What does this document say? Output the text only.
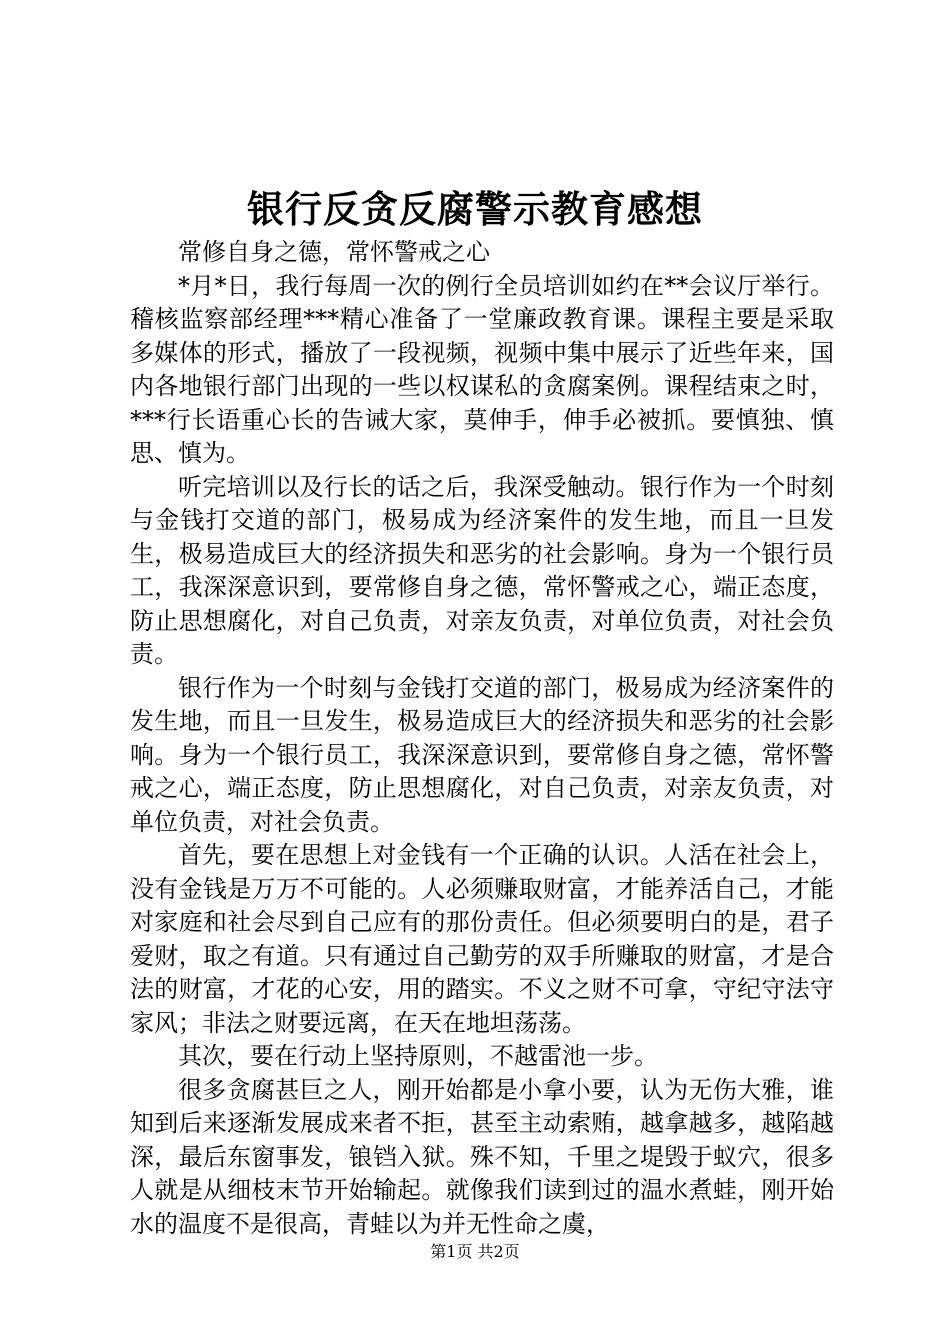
银行反贪反腐警示教育感想

常修自身之德，常怀警戒之心

*月*日，我行每周一次的例行全员培训如约在**会议厅举行。稽核监察部经理***精心准备了一堂廉政教育课。课程主要是采取多媒体的形式，播放了一段视频，视频中集中展示了近些年来，国内各地银行部门出现的一些以权谋私的贪腐案例。课程结束之时，***行长语重心长的告诫大家，莫伸手，伸手必被抓。要慎独、慎思、慎为。

听完培训以及行长的话之后，我深受触动。银行作为一个时刻与金钱打交道的部门，极易成为经济案件的发生地，而且一旦发生，极易造成巨大的经济损失和恶劣的社会影响。身为一个银行员工，我深深意识到，要常修自身之德，常怀警戒之心，端正态度，防止思想腐化，对自己负责，对亲友负责，对单位负责，对社会负责。

银行作为一个时刻与金钱打交道的部门，极易成为经济案件的发生地，而且一旦发生，极易造成巨大的经济损失和恶劣的社会影响。身为一个银行员工，我深深意识到，要常修自身之德，常怀警戒之心，端正态度，防止思想腐化，对自己负责，对亲友负责，对单位负责，对社会负责。

首先，要在思想上对金钱有一个正确的认识。人活在社会上，没有金钱是万万不可能的。人必须赚取财富，才能养活自己，才能对家庭和社会尽到自己应有的那份责任。但必须要明白的是，君子爱财，取之有道。只有通过自己勤劳的双手所赚取的财富，才是合法的财富，才花的心安，用的踏实。不义之财不可拿，守纪守法守家风；非法之财要远离，在天在地坦荡荡。

其次，要在行动上坚持原则，不越雷池一步。

很多贪腐甚巨之人，刚开始都是小拿小要，认为无伤大雅，谁知到后来逐渐发展成来者不拒，甚至主动索贿，越拿越多，越陷越深，最后东窗事发，锒铛入狱。殊不知，千里之堤毁于蚁穴，很多人就是从细枝末节开始输起。就像我们读到过的温水煮蛙，刚开始水的温度不是很高，青蛙以为并无性命之虞，

第1页 共2页
